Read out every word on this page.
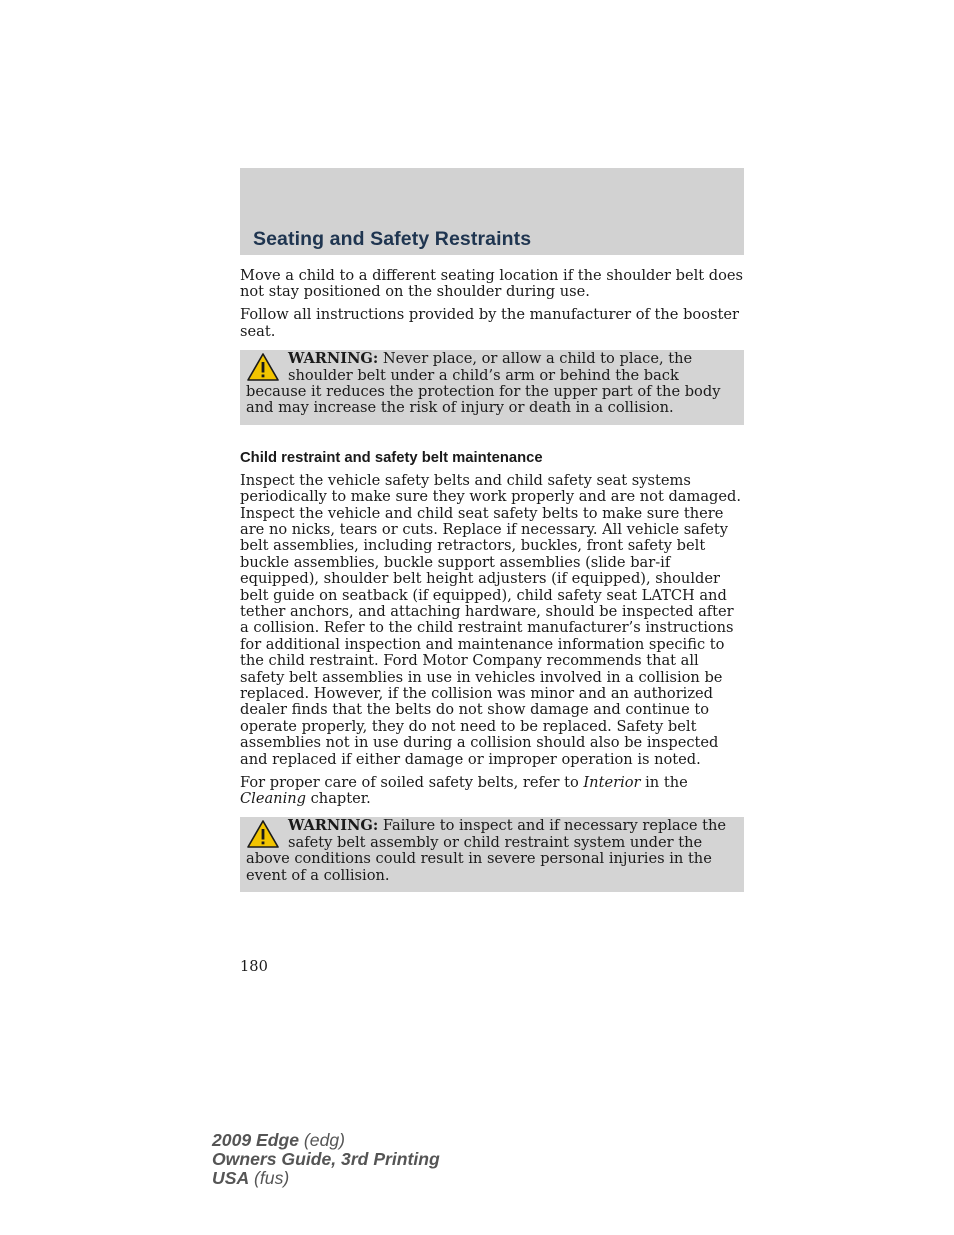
Seating and Safety Restraints

Move a child to a different seating location if the shoulder belt does not stay positioned on the shoulder during use.

Follow all instructions provided by the manufacturer of the booster seat.

WARNING: Never place, or allow a child to place, the shoulder belt under a child’s arm or behind the back because it reduces the protection for the upper part of the body and may increase the risk of injury or death in a collision.
Child restraint and safety belt maintenance

Inspect the vehicle safety belts and child safety seat systems periodically to make sure they work properly and are not damaged. Inspect the vehicle and child seat safety belts to make sure there are no nicks, tears or cuts. Replace if necessary. All vehicle safety belt assemblies, including retractors, buckles, front safety belt buckle assemblies, buckle support assemblies (slide bar-if equipped), shoulder belt height adjusters (if equipped), shoulder belt guide on seatback (if equipped), child safety seat LATCH and tether anchors, and attaching hardware, should be inspected after a collision. Refer to the child restraint manufacturer’s instructions for additional inspection and maintenance information specific to the child restraint. Ford Motor Company recommends that all safety belt assemblies in use in vehicles involved in a collision be replaced. However, if the collision was minor and an authorized dealer finds that the belts do not show damage and continue to operate properly, they do not need to be replaced. Safety belt assemblies not in use during a collision should also be inspected and replaced if either damage or improper operation is noted.

For proper care of soiled safety belts, refer to Interior in the Cleaning chapter.

WARNING: Failure to inspect and if necessary replace the safety belt assembly or child restraint system under the above conditions could result in severe personal injuries in the event of a collision.
180
2009 Edge (edg)
Owners Guide, 3rd Printing
USA (fus)
